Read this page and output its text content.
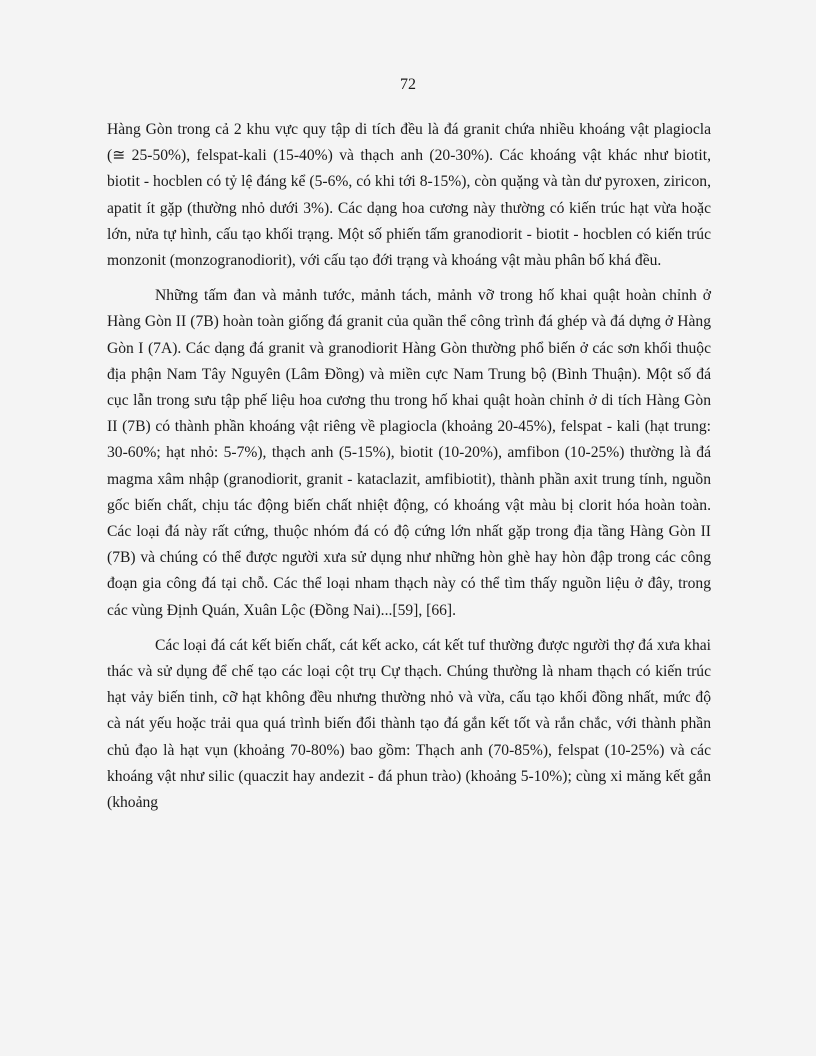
72

Hàng Gòn trong cả 2 khu vực quy tập di tích đều là đá granit chứa nhiều khoáng vật plagiocla (≅ 25-50%), felspat-kali (15-40%) và thạch anh (20-30%). Các khoáng vật khác như biotit, biotit - hocblen có tỷ lệ đáng kể (5-6%, có khi tới 8-15%), còn quặng và tàn dư pyroxen, ziricon, apatit ít gặp (thường nhỏ dưới 3%). Các dạng hoa cương này thường có kiến trúc hạt vừa hoặc lớn, nửa tự hình, cấu tạo khối trạng. Một số phiến tấm granodiorit - biotit - hocblen có kiến trúc monzonit (monzogranodiorit), với cấu tạo đới trạng và khoáng vật màu phân bố khá đều.

Những tấm đan và mảnh tước, mảnh tách, mảnh vỡ trong hố khai quật hoàn chỉnh ở Hàng Gòn II (7B) hoàn toàn giống đá granit của quần thể công trình đá ghép và đá dựng ở Hàng Gòn I (7A). Các dạng đá granit và granodiorit Hàng Gòn thường phổ biến ở các sơn khối thuộc địa phận Nam Tây Nguyên (Lâm Đồng) và miền cực Nam Trung bộ (Bình Thuận). Một số đá cục lẫn trong sưu tập phế liệu hoa cương thu trong hố khai quật hoàn chỉnh ở di tích Hàng Gòn II (7B) có thành phần khoáng vật riêng về plagiocla (khoảng 20-45%), felspat - kali (hạt trung: 30-60%; hạt nhỏ: 5-7%), thạch anh (5-15%), biotit (10-20%), amfibon (10-25%) thường là đá magma xâm nhập (granodiorit, granit - kataclazit, amfibiotit), thành phần axit trung tính, nguồn gốc biến chất, chịu tác động biến chất nhiệt động, có khoáng vật màu bị clorit hóa hoàn toàn. Các loại đá này rất cứng, thuộc nhóm đá có độ cứng lớn nhất gặp trong địa tầng Hàng Gòn II (7B) và chúng có thể được người xưa sử dụng như những hòn ghè hay hòn đập trong các công đoạn gia công đá tại chỗ. Các thể loại nham thạch này có thể tìm thấy nguồn liệu ở đây, trong các vùng Định Quán, Xuân Lộc (Đồng Nai)...[59], [66].

Các loại đá cát kết biến chất, cát kết acko, cát kết tuf thường được người thợ đá xưa khai thác và sử dụng để chế tạo các loại cột trụ Cự thạch. Chúng thường là nham thạch có kiến trúc hạt vảy biến tinh, cỡ hạt không đều nhưng thường nhỏ và vừa, cấu tạo khối đồng nhất, mức độ cà nát yếu hoặc trải qua quá trình biến đổi thành tạo đá gắn kết tốt và rắn chắc, với thành phần chủ đạo là hạt vụn (khoảng 70-80%) bao gồm: Thạch anh (70-85%), felspat (10-25%) và các khoáng vật như silic (quaczit hay andezit - đá phun trào) (khoảng 5-10%); cùng xi măng kết gắn (khoảng
